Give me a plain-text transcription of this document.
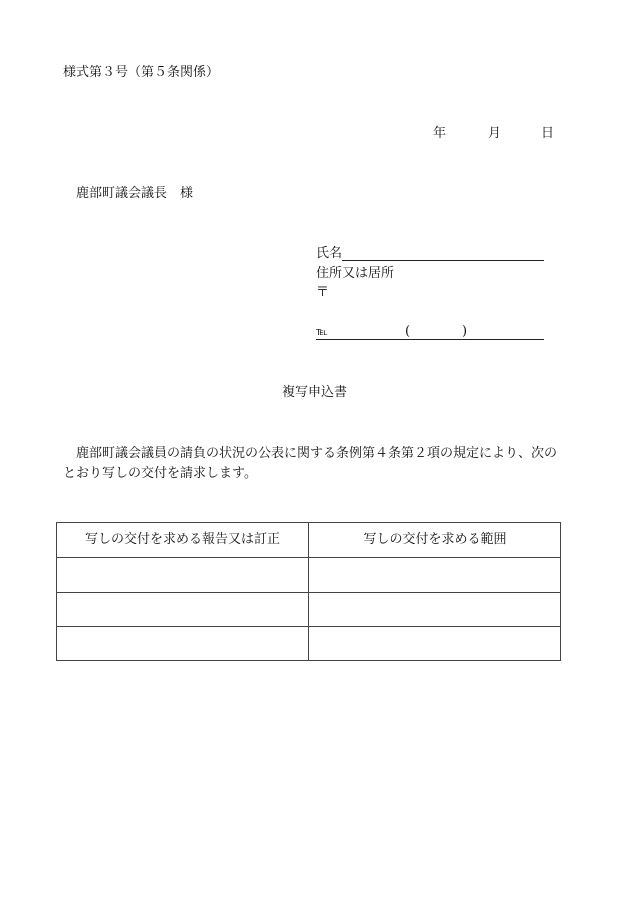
様式第３号（第５条関係）
年	月	日
鹿部町議会議長　様
氏名
住所又は居所
〒
℡	(	)
複写申込書
鹿部町議会議員の請負の状況の公表に関する条例第４条第２項の規定により、次の
とおり写しの交付を請求します。
写しの交付を求める報告又は訂正	写しの交付を求める範囲
